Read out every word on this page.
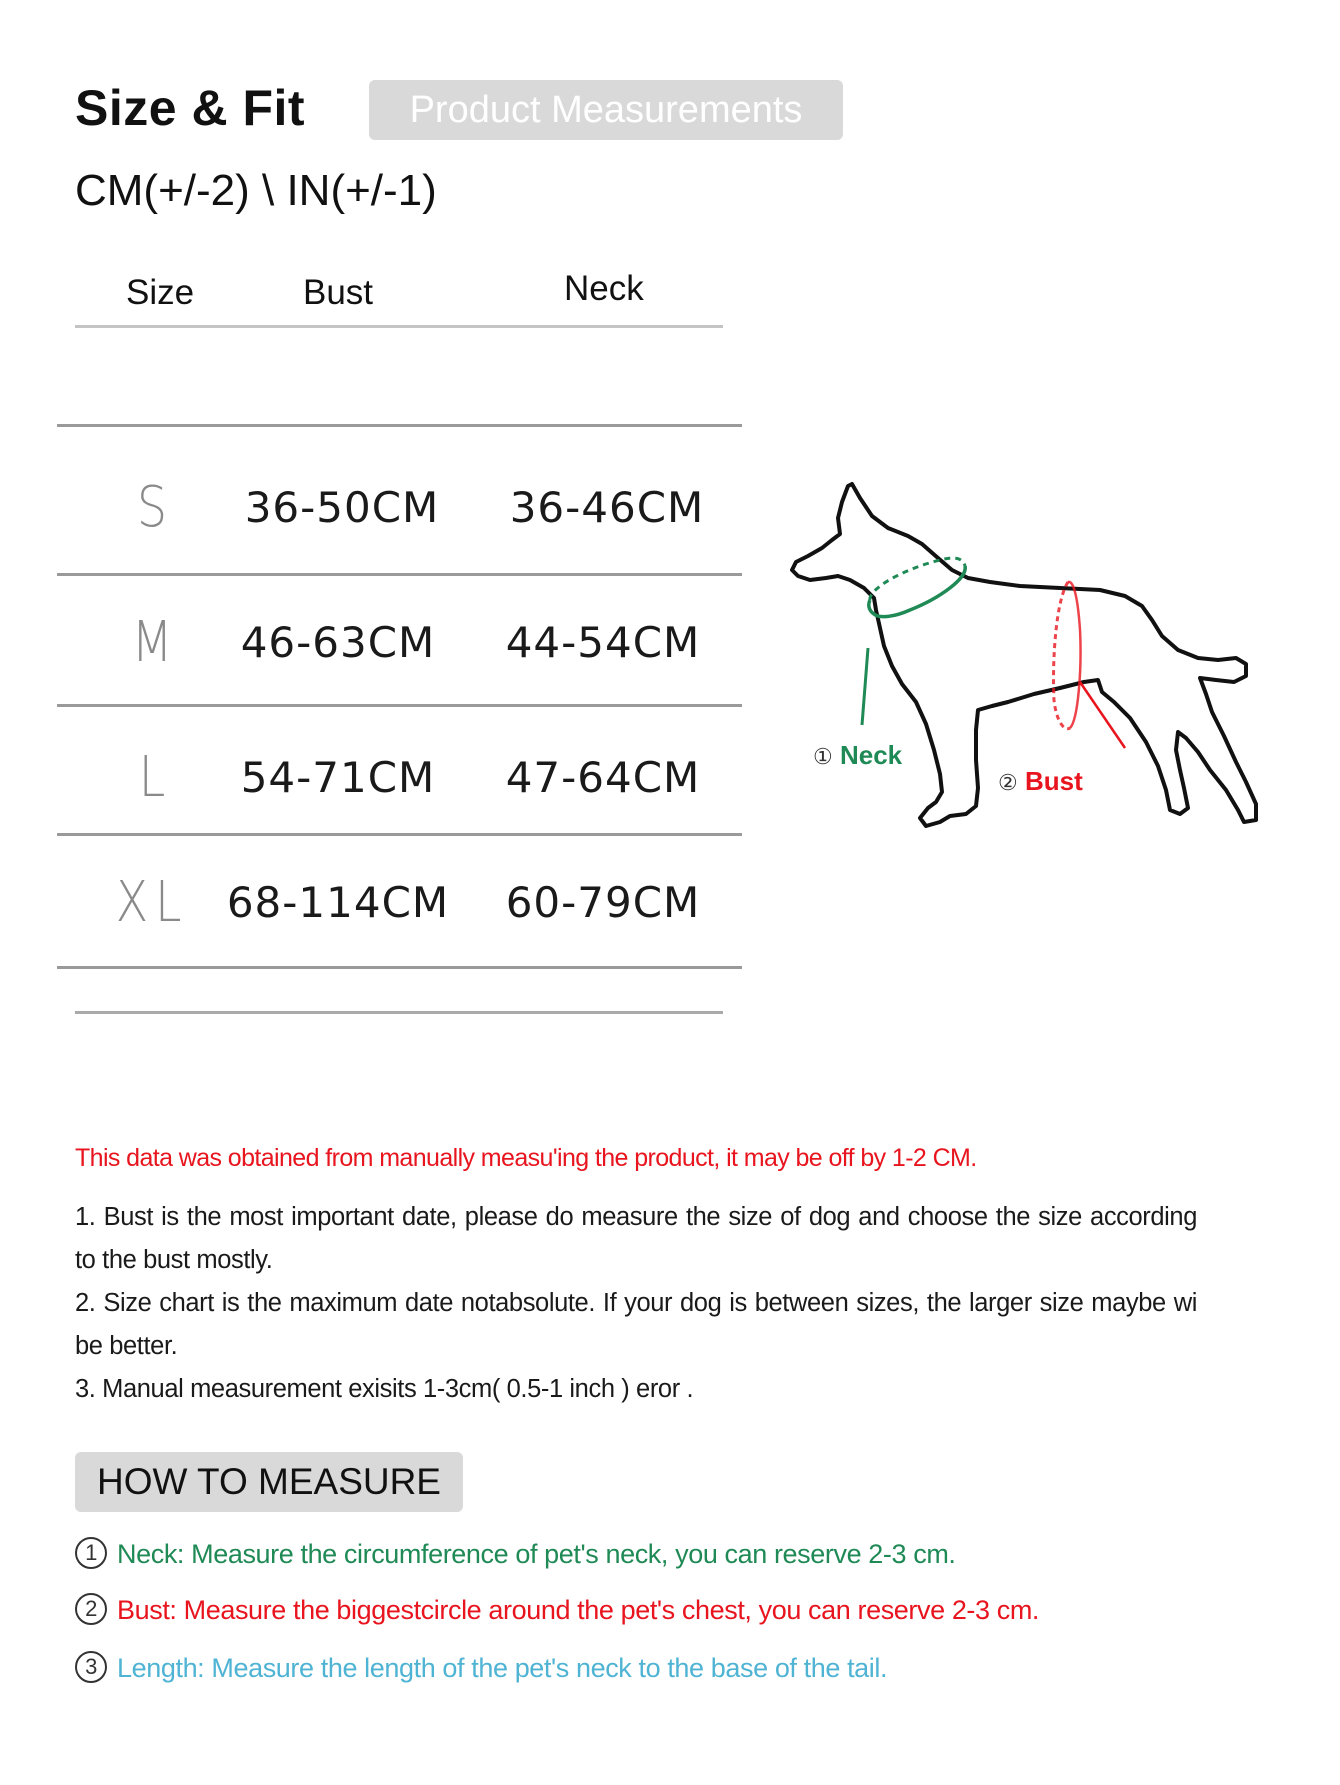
Size & Fit	Product Measurements
CM(+/-2) \ IN(+/-1)
Size	Bust	Neck
S	36-50CM	36-46CM
M	46-63CM	44-54CM
L	54-71CM	47-64CM
XL 68-114CM	60-79CM
① Neck
② Bust
This data was obtained from manually measu'ing the product, it may be off by 1-2 CM.

1. Bust is the most important date, please do measure the size of dog and choose the size according to the bust mostly.

2. Size chart is the maximum date notabsolute. If your dog is between sizes, the larger size maybe wi be better.

3. Manual measurement exisits 1-3cm( 0.5-1 inch ) eror .

HOW TO MEASURE
1 Neck: Measure the circumference of pet's neck, you can reserve 2-3 cm.
2 Bust: Measure the biggestcircle around the pet's chest, you can reserve 2-3 cm.
3 Length: Measure the length of the pet's neck to the base of the tail.
